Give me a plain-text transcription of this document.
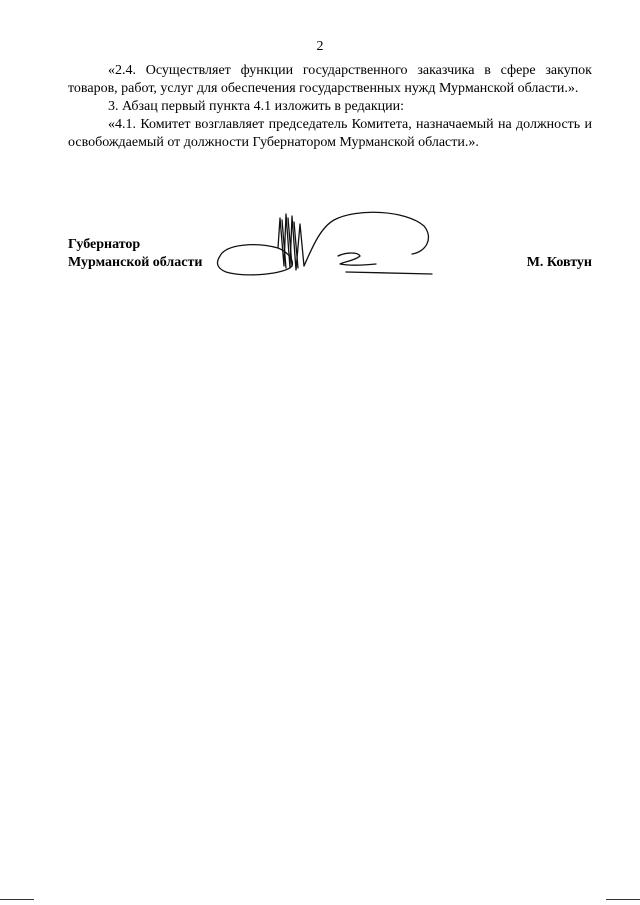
2

«2.4. Осуществляет функции государственного заказчика в сфере закупок товаров, работ, услуг для обеспечения государственных нужд Мурманской области.».

3. Абзац первый пункта 4.1 изложить в редакции:

«4.1. Комитет возглавляет председатель Комитета, назначаемый на должность и освобождаемый от должности Губернатором Мурманской области.».

Губернатор
Мурманской области	М. Ковтун
